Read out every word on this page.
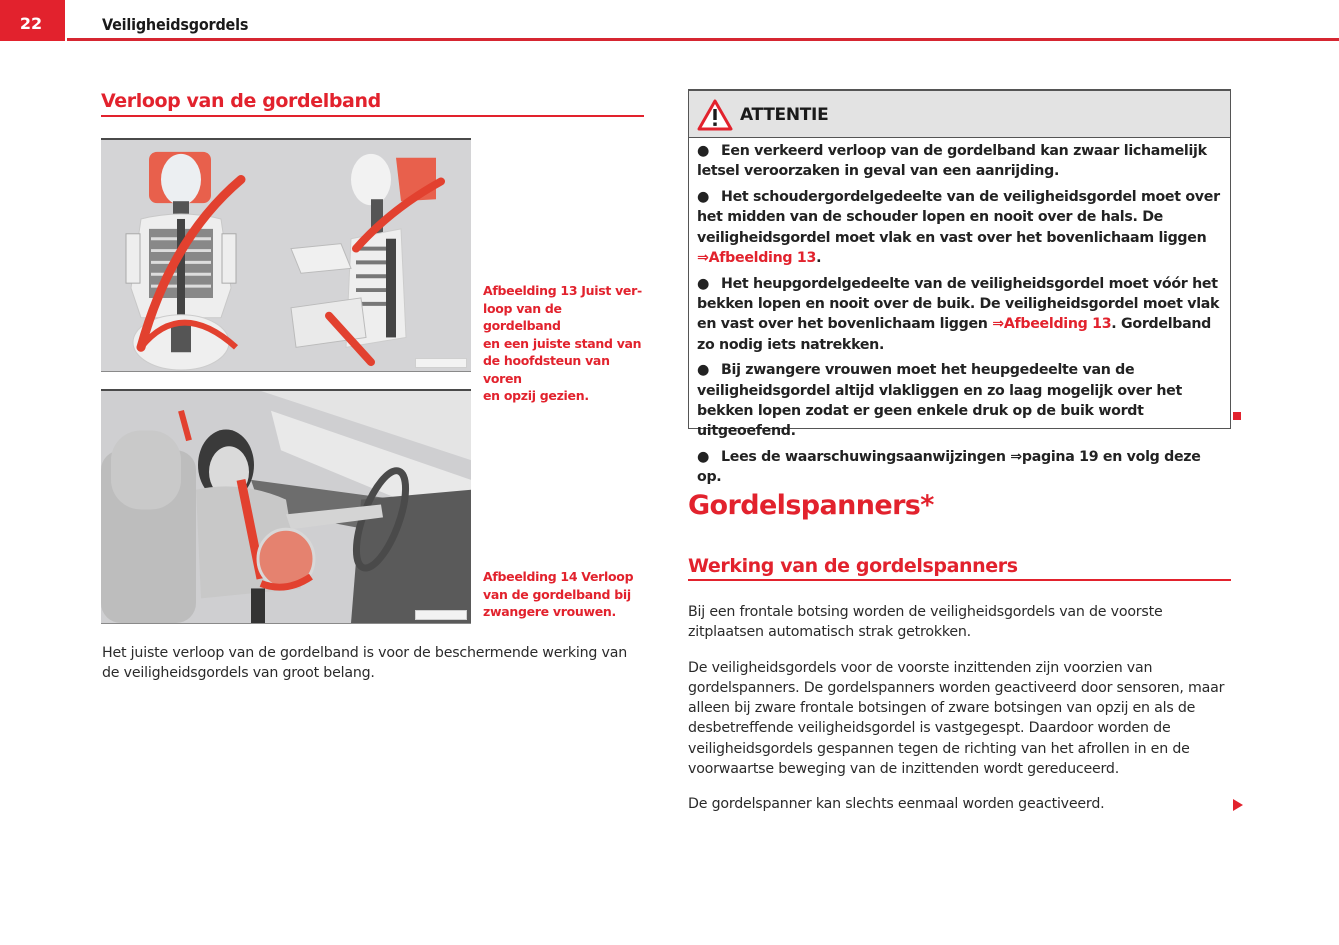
22	Veiligheidsgordels
Verloop van de gordelband
Afbeelding 13 Juist ver-
loop van de gordelband
en een juiste stand van
de hoofdsteun van voren
en opzij gezien.
Afbeelding 14 Verloop
van de gordelband bij
zwangere vrouwen.

Het juiste verloop van de gordelband is voor de beschermende werking van de veiligheidsgordels van groot belang.

ATTENTIE
● Een verkeerd verloop van de gordelband kan zwaar lichamelijk letsel veroorzaken in geval van een aanrijding.
● Het schoudergordelgedeelte van de veiligheidsgordel moet over het midden van de schouder lopen en nooit over de hals. De veiligheidsgordel moet vlak en vast over het bovenlichaam liggen ⇒Afbeelding 13.
● Het heupgordelgedeelte van de veiligheidsgordel moet vóór het bekken lopen en nooit over de buik. De veiligheidsgordel moet vlak en vast over het bovenlichaam liggen ⇒Afbeelding 13. Gordelband zo nodig iets natrekken.
● Bij zwangere vrouwen moet het heupgedeelte van de veiligheidsgordel altijd vlakliggen en zo laag mogelijk over het bekken lopen zodat er geen enkele druk op de buik wordt uitgeoefend.
● Lees de waarschuwingsaanwijzingen ⇒pagina 19 en volg deze op.
Gordelspanners*
Werking van de gordelspanners

Bij een frontale botsing worden de veiligheidsgordels van de voorste zitplaatsen automatisch strak getrokken.

De veiligheidsgordels voor de voorste inzittenden zijn voorzien van gordelspanners. De gordelspanners worden geactiveerd door sensoren, maar alleen bij zware frontale botsingen of zware botsingen van opzij en als de desbetreffende veiligheidsgordel is vastgegespt. Daardoor worden de veiligheidsgordels gespannen tegen de richting van het afrollen in en de voorwaartse beweging van de inzittenden wordt gereduceerd.

De gordelspanner kan slechts eenmaal worden geactiveerd.
